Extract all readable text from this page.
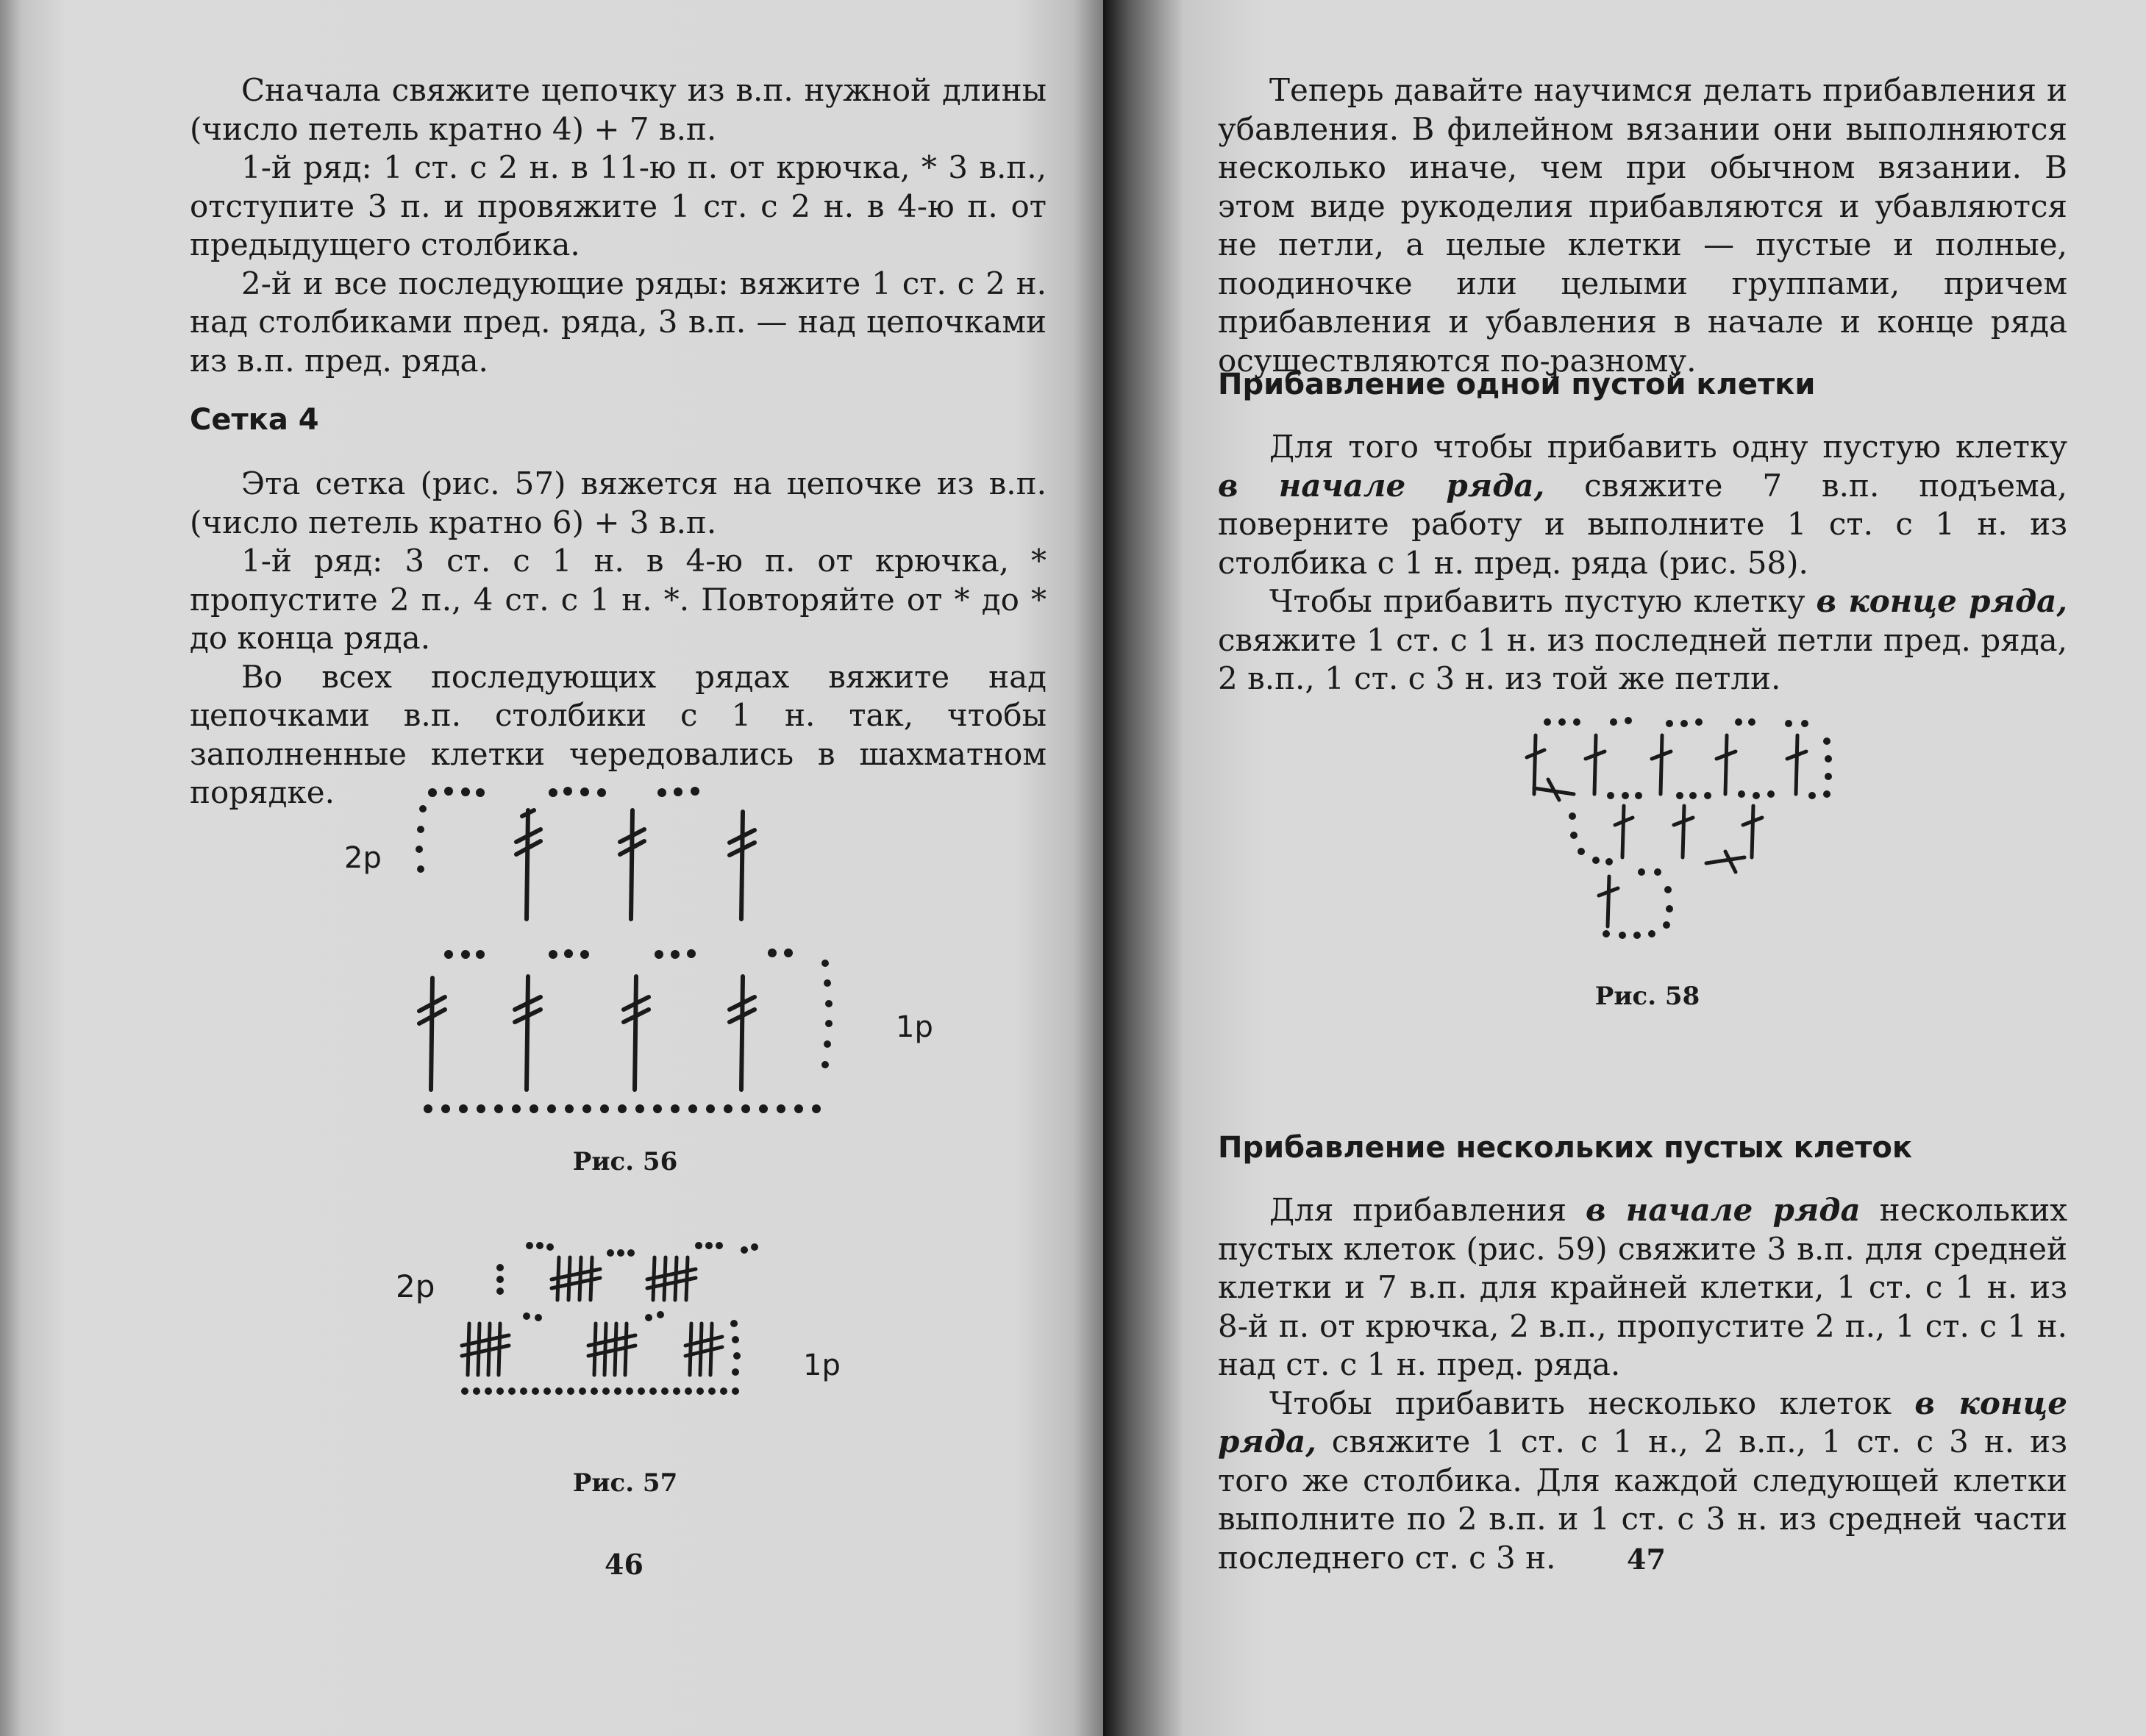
Сначала свяжите цепочку из в.п. нужной длины (число петель кратно 4) + 7 в.п.

1-й ряд: 1 ст. с 2 н. в 11-ю п. от крючка, * 3 в.п., отступите 3 п. и провяжите 1 ст. с 2 н. в 4-ю п. от предыдущего столбика.

2-й и все последующие ряды: вяжите 1 ст. с 2 н. над столбиками пред. ряда, 3 в.п. — над цепочками из в.п. пред. ряда.

Сетка 4

Эта сетка (рис. 57) вяжется на цепочке из в.п. (число петель кратно 6) + 3 в.п.

1-й ряд: 3 ст. с 1 н. в 4-ю п. от крючка, * пропустите 2 п., 4 ст. с 1 н. *. Повторяйте от * до * до конца ряда.

Во всех последующих рядах вяжите над цепочками в.п. столбики с 1 н. так, чтобы заполненные клетки чередовались в шахматном порядке.

2р
1р
Рис. 56
2р
1р
Рис. 57
46

Теперь давайте научимся делать прибавления и убавления. В филейном вязании они выполняются несколько иначе, чем при обычном вязании. В этом виде рукоделия прибавляются и убавляются не петли, а целые клетки — пустые и полные, поодиночке или целыми группами, причем прибавления и убавления в начале и конце ряда осуществляются по-разному.

Прибавление одной пустой клетки

Для того чтобы прибавить одну пустую клетку в начале ряда, свяжите 7 в.п. подъема, поверните работу и выполните 1 ст. с 1 н. из столбика с 1 н. пред. ряда (рис. 58).

Чтобы прибавить пустую клетку в конце ряда, свяжите 1 ст. с 1 н. из последней петли пред. ряда, 2 в.п., 1 ст. с 3 н. из той же петли.

Рис. 58
Прибавление нескольких пустых клеток

Для прибавления в начале ряда нескольких пустых клеток (рис. 59) свяжите 3 в.п. для средней клетки и 7 в.п. для крайней клетки, 1 ст. с 1 н. из 8-й п. от крючка, 2 в.п., пропустите 2 п., 1 ст. с 1 н. над ст. с 1 н. пред. ряда.

Чтобы прибавить несколько клеток в конце ряда, свяжите 1 ст. с 1 н., 2 в.п., 1 ст. с 3 н. из того же столбика. Для каждой следующей клетки выполните по 2 в.п. и 1 ст. с 3 н. из средней части последнего ст. с 3 н.	47
